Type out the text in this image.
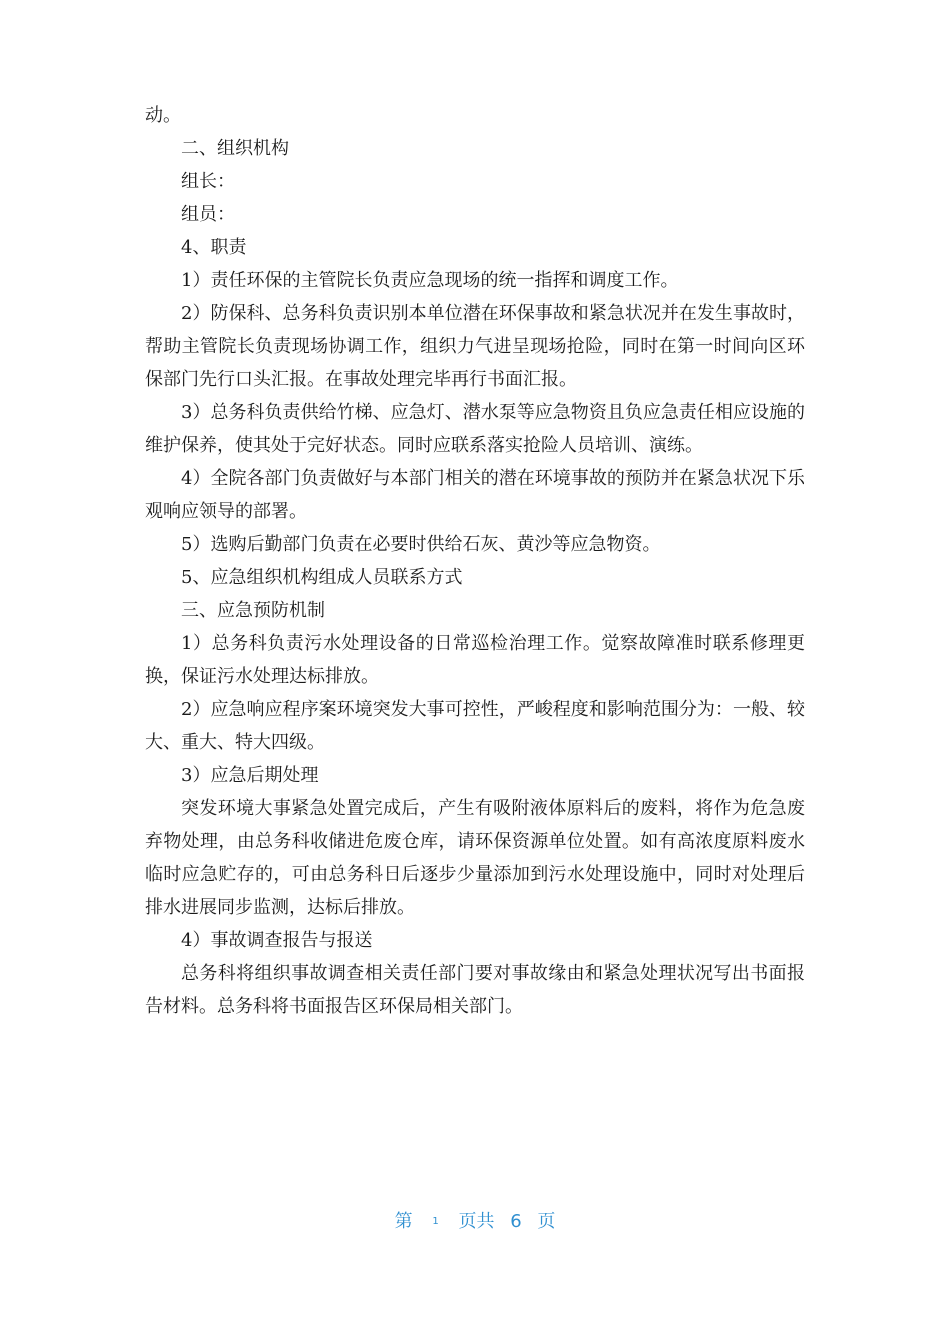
动。

二、组织机构

组长：

组员：

4、职责

1）责任环保的主管院长负责应急现场的统一指挥和调度工作。

2）防保科、总务科负责识别本单位潜在环保事故和紧急状况并在发生事故时，帮助主管院长负责现场协调工作，组织力气进呈现场抢险，同时在第一时间向区环保部门先行口头汇报。在事故处理完毕再行书面汇报。

3）总务科负责供给竹梯、应急灯、潜水泵等应急物资且负应急责任相应设施的维护保养，使其处于完好状态。同时应联系落实抢险人员培训、演练。

4）全院各部门负责做好与本部门相关的潜在环境事故的预防并在紧急状况下乐观响应领导的部署。

5）选购后勤部门负责在必要时供给石灰、黄沙等应急物资。

5、应急组织机构组成人员联系方式

三、应急预防机制

1）总务科负责污水处理设备的日常巡检治理工作。觉察故障准时联系修理更换，保证污水处理达标排放。

2）应急响应程序案环境突发大事可控性，严峻程度和影响范围分为：一般、较大、重大、特大四级。

3）应急后期处理

突发环境大事紧急处置完成后，产生有吸附液体原料后的废料，将作为危急废弃物处理，由总务科收储进危废仓库，请环保资源单位处置。如有高浓度原料废水临时应急贮存的，可由总务科日后逐步少量添加到污水处理设施中，同时对处理后排水进展同步监测，达标后排放。

4）事故调查报告与报送

总务科将组织事故调查相关责任部门要对事故缘由和紧急处理状况写出书面报告材料。总务科将书面报告区环保局相关部门。

第 1 页共 6 页
